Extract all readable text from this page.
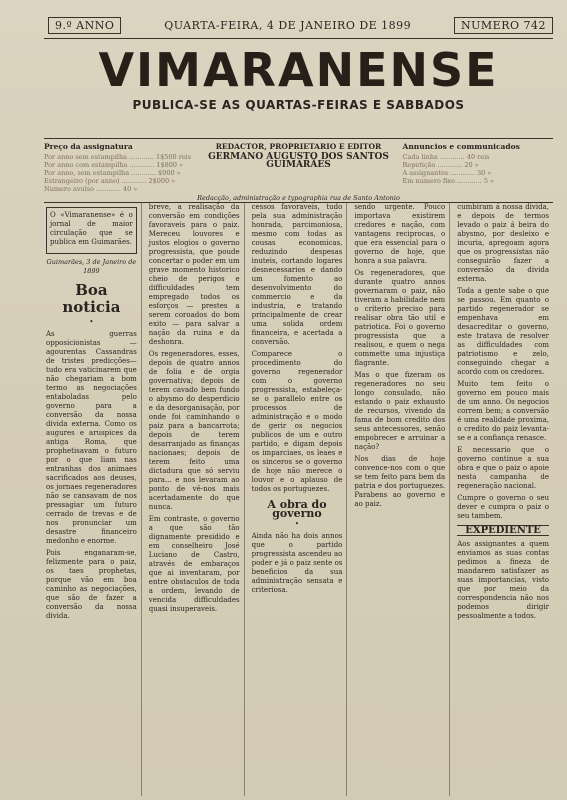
9.º ANNO	QUARTA-FEIRA, 4 DE JANEIRO DE 1899	NUMERO 742
VIMARANENSE
PUBLICA-SE AS QUARTAS-FEIRAS E SABBADOS
Preço da assignatura
Por anno sem estampilha ............ 1$500 reis
Por anno com estampilha ............ 1$800 »
Por anno, sem estampilha ............ $900 »
Estrangeiro (por anno) ............ 2$000 »
Numero avulso ............ 40 »
REDACTOR, PROPRIETARIO E EDITOR
GERMANO AUGUSTO DOS SANTOS GUIMARÃES
Annuncios e communicados
Cada linha ............ 40 reis
Repetição ............ 20 »
A assignantes ............ 30 »
Em numero fixo ............ 5 »
Redacção, administração e typographia rua de Santo Antonio

O «Vimaranense» é o jornal de maior circulação que se publica em Guimarães.

Guimarães, 3 de Janeiro de 1899
Boa noticia
•

As guerras opposicionistas — agourentas Cassandras de tristes predicções—tudo era vaticinarem que não chegariam a bom termo as negociações entaboladas pelo governo para a conversão da nossa divida externa. Como os augures e aruspices da antiga Roma, que prophetisavam o futuro por o que liam nas entranhas dos animaes sacrificados aos deuses, os jornaes regeneradores não se cansavam de nos pressagiar um futuro cerrado de trevas e de nos pronunciar um desastre financeiro medonho e enorme.

Pois enganaram-se, felizmente para o paiz, os taes prophetas, porque vão em boa caminho as negociações, que são de fazer a conversão da nossa divida.

breve, a realisação da conversão em condições favoraveis para o paiz. Mereceu louvores e justos elogios o governo progressista, que poude concertar o poder em um grave momento historico cheio de perigos e difficuldades tem empregado todos os esforços — prestes a serem coroados do bom exito — para salvar a nação da ruina e da deshonra.

Os regeneradores, esses, depois de quatro annos de folia e de orgia governativa; depois de terem cavado bem fundo o abysmo do desperdicio e da desorganisação, por onde foi caminhando o paiz para a bancarrota; depois de terem desarranjado as finanças nacionaes; depois de terem feito uma dictadura que só serviu para... e nos levaram ao ponto de vê-nos mais acertadamente do que nunca.

Em contraste, o governo a que são tão dignamente presidido e em conselheiro José Luciano de Castro, através de embaraços que ai inventaram, por entre obstaculos de toda a ordem, levando de vencida difficuldades quasi insuperaveis.

cessos favoraveis, tudo pela sua administração honrada, parcimoniosa, mesmo com todas as cousas economicas, reduzindo despesas inuteis, cortando logares desnecessarios e dando um fomento ao desenvolvimento do commercio e da industria, e tratando principalmente de crear uma solida ordem financeira, e acertada a conversão.

Comparece o procedimento do governo regenerador com o governo progressista, estabeleça-se o parallelo entre os processos de administração e o modo de gerir os negocios publicos de um e outro partido, e digam depois os imparciaes, os leaes e os sinceros se o governo de hoje não merece o louvor e o aplauso de todos os portuguezes.

A obra do governo
•

Ainda não ha dois annos que o partido progressista ascendeu ao poder e já o paiz sente os beneficios da sua administração sensata e criteriosa.

sendo urgente. Pouco importava existirem credores e nação, com vantagens reciprocas, o que era essencial para o governo de hoje, que honra a sua palavra.

Os regeneradores, que durante quatro annos governaram o paiz, não tiveram a habilidade nem o criterio preciso para realisar obra tão util e patriotica. Foi o governo progressista que a realisou, e quem o nega commette uma injustiça flagrante.

Mas o que fizeram os regeneradores no seu longo consulado, não estando o paiz exhausto de recursos, vivendo da fama de bom credito dos seus antecessores, senão empobrecer e arruinar a nação?

Nos dias de hoje convence-nos com o que se tem feito para bem da patria e dos portuguezes. Parabens ao governo e ao paiz.

cumbiram á nossa divida, e depois de termos levado o paiz á beira do abysmo, por desleixo e incuria, apregoam agora que os progressistas não conseguirão fazer a conversão da divida externa.

Toda a gente sabe o que se passou. Em quanto o partido regenerador se empenhava em desacreditar o governo, este tratava de resolver as difficuldades com patriotismo e zelo, conseguindo chegar a acordo com os credores.

Muito tem feito o governo em pouco mais de um anno. Os negocios correm bem; a conversão é uma realidade proxima, o credito do paiz levanta-se e a confiança renasce.

E necessario que o governo continue a sua obra e que o paiz o apoie nesta campanha de regeneração nacional.

Cumpre o governo o seu dever e cumpra o paiz o seu tambem.

EXPEDIENTE

Aos assignantes a quem enviamos as suas contas pedimos a fineza de mandarem satisfazer as suas importancias, visto que por meio da correspondencia não nos podemos dirigir pessoalmente a todos.
